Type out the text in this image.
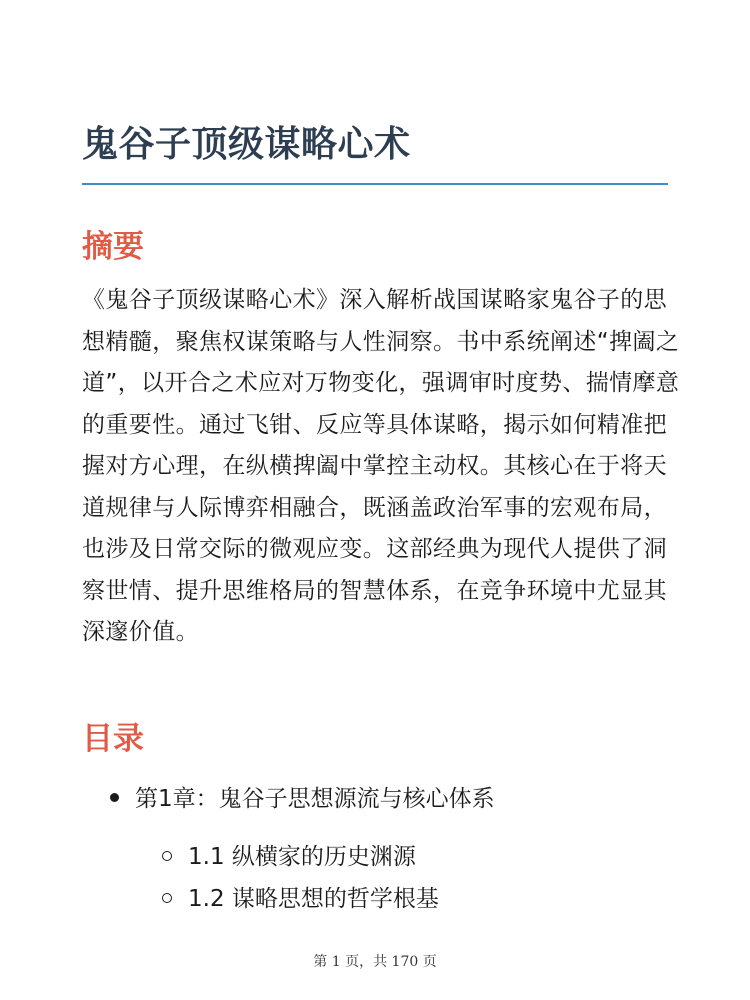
鬼谷子顶级谋略心术
摘要

《鬼谷子顶级谋略心术》深入解析战国谋略家鬼谷子的思想精髓，聚焦权谋策略与人性洞察。书中系统阐述“捭阖之道”，以开合之术应对万物变化，强调审时度势、揣情摩意的重要性。通过飞钳、反应等具体谋略，揭示如何精准把握对方心理，在纵横捭阖中掌控主动权。其核心在于将天道规律与人际博弈相融合，既涵盖政治军事的宏观布局，也涉及日常交际的微观应变。这部经典为现代人提供了洞察世情、提升思维格局的智慧体系，在竞争环境中尤显其深邃价值。

目录
第1章：鬼谷子思想源流与核心体系
1.1 纵横家的历史渊源
1.2 谋略思想的哲学根基
第 1 页，共 170 页
